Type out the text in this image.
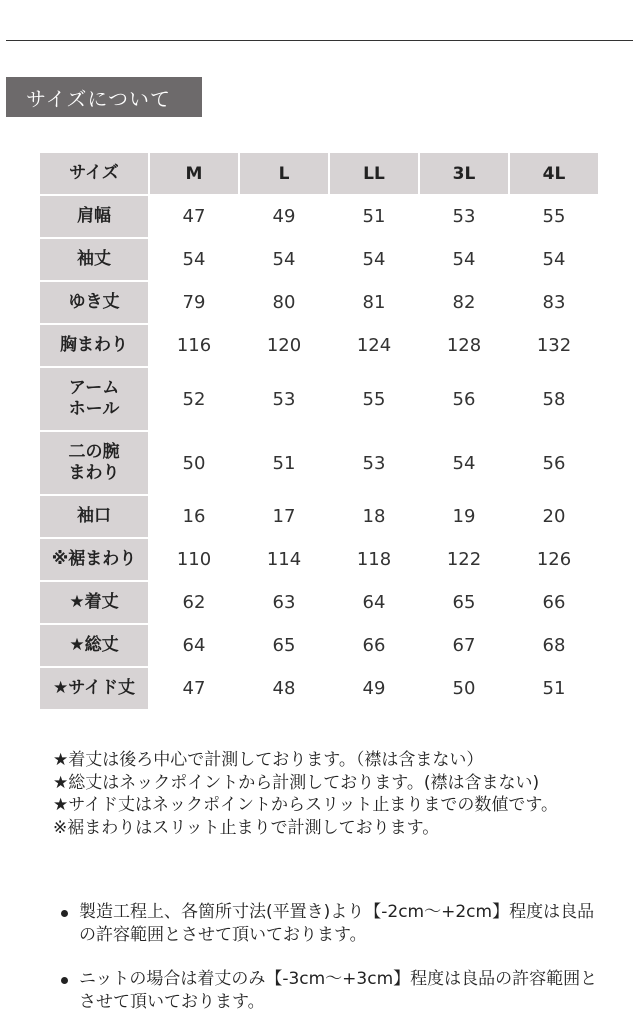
サイズについて
サイズ	M	L	LL	3L	4L
肩幅	47	49	51	53	55
袖丈	54	54	54	54	54
ゆき丈	79	80	81	82	83
胸まわり	116	120	124	128	132
アーム
ホール	52	53	55	56	58
二の腕
まわり	50	51	53	54	56
袖口	16	17	18	19	20
※裾まわり	110	114	118	122	126
★着丈	62	63	64	65	66
★総丈	64	65	66	67	68
★サイド丈	47	48	49	50	51

★着丈は後ろ中心で計測しております。（襟は含まない）

★総丈はネックポイントから計測しております。(襟は含まない)

★サイド丈はネックポイントからスリット止まりまでの数値です。

※裾まわりはスリット止まりで計測しております。

製造工程上、各箇所寸法(平置き)より【-2cm～+2cm】程度は良品の許容範囲とさせて頂いております。
ニットの場合は着丈のみ【-3cm～+3cm】程度は良品の許容範囲とさせて頂いております。
